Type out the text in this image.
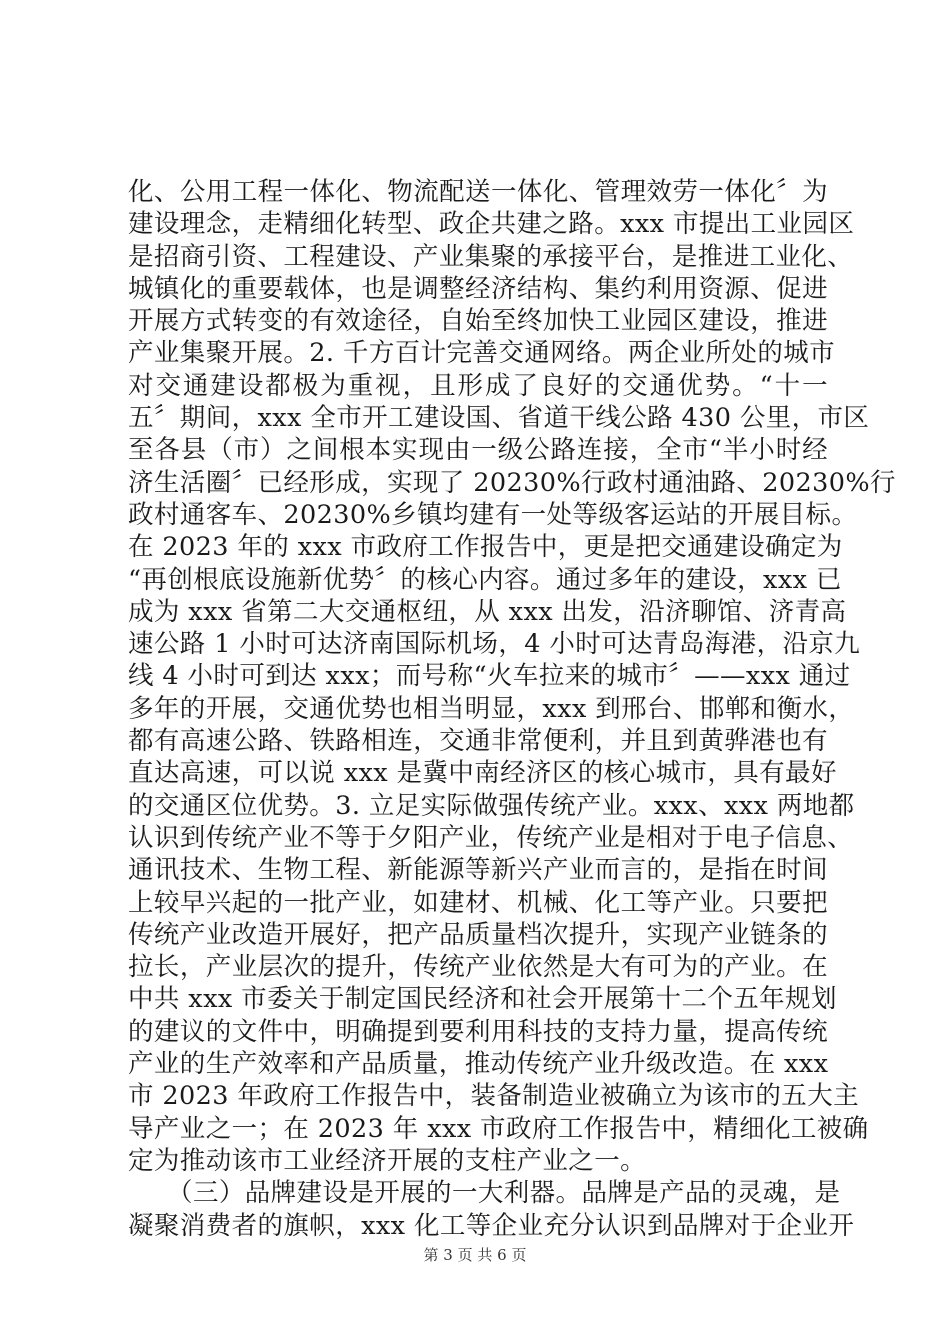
化、公用工程一体化、物流配送一体化、管理效劳一体化〞为
建设理念，走精细化转型、政企共建之路。xxx 市提出工业园区
是招商引资、工程建设、产业集聚的承接平台，是推进工业化、
城镇化的重要载体，也是调整经济结构、集约利用资源、促进
开展方式转变的有效途径，自始至终加快工业园区建设，推进
产业集聚开展。2. 千方百计完善交通网络。两企业所处的城市
对交通建设都极为重视，且形成了良好的交通优势。“十一
五〞期间，xxx 全市开工建设国、省道干线公路 430 公里，市区
至各县（市）之间根本实现由一级公路连接，全市“半小时经
济生活圈〞已经形成，实现了 20230%行政村通油路、20230%行
政村通客车、20230%乡镇均建有一处等级客运站的开展目标。
在 2023 年的 xxx 市政府工作报告中，更是把交通建设确定为
“再创根底设施新优势〞的核心内容。通过多年的建设，xxx 已
成为 xxx 省第二大交通枢纽，从 xxx 出发，沿济聊馆、济青高
速公路 1 小时可达济南国际机场，4 小时可达青岛海港，沿京九
线 4 小时可到达 xxx；而号称“火车拉来的城市〞——xxx 通过
多年的开展，交通优势也相当明显，xxx 到邢台、邯郸和衡水，
都有高速公路、铁路相连，交通非常便利，并且到黄骅港也有
直达高速，可以说 xxx 是冀中南经济区的核心城市，具有最好
的交通区位优势。3. 立足实际做强传统产业。xxx、xxx 两地都
认识到传统产业不等于夕阳产业，传统产业是相对于电子信息、
通讯技术、生物工程、新能源等新兴产业而言的，是指在时间
上较早兴起的一批产业，如建材、机械、化工等产业。只要把
传统产业改造开展好，把产品质量档次提升，实现产业链条的
拉长，产业层次的提升，传统产业依然是大有可为的产业。在
中共 xxx 市委关于制定国民经济和社会开展第十二个五年规划
的建议的文件中，明确提到要利用科技的支持力量，提高传统
产业的生产效率和产品质量，推动传统产业升级改造。在 xxx
市 2023 年政府工作报告中，装备制造业被确立为该市的五大主
导产业之一；在 2023 年 xxx 市政府工作报告中，精细化工被确
定为推动该市工业经济开展的支柱产业之一。
　　（三）品牌建设是开展的一大利器。品牌是产品的灵魂，是
凝聚消费者的旗帜，xxx 化工等企业充分认识到品牌对于企业开
第 3 页 共 6 页
